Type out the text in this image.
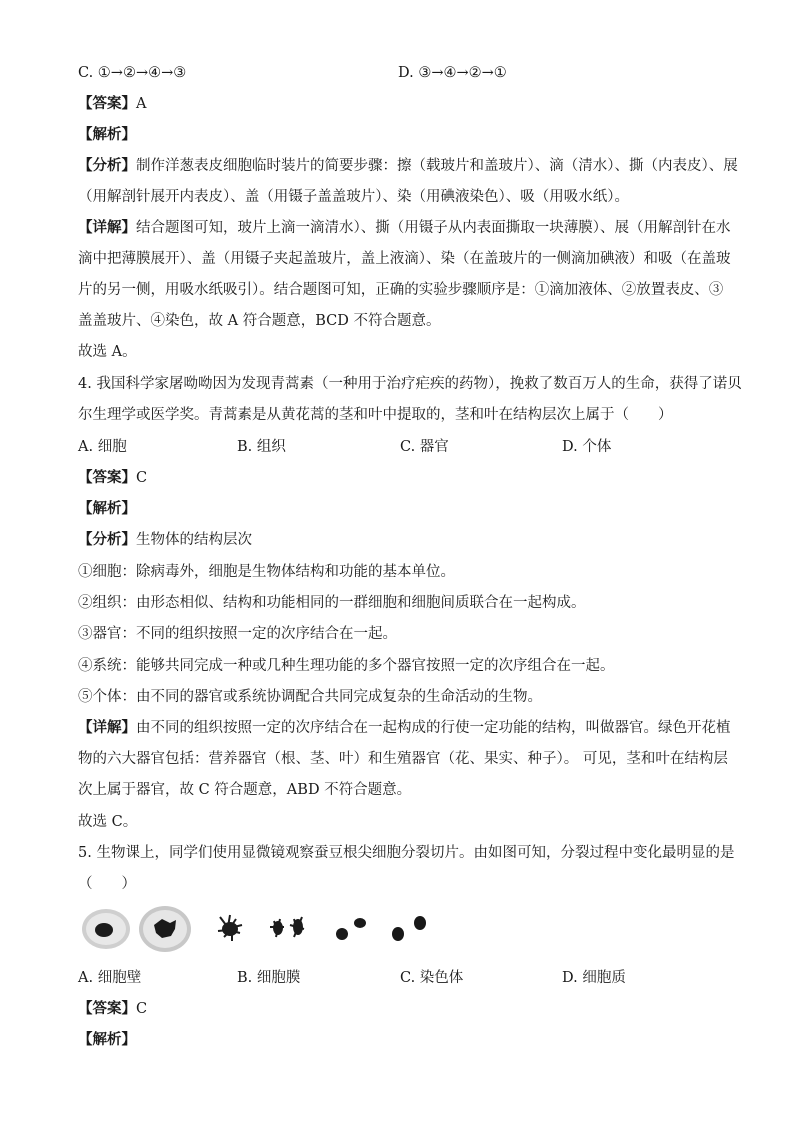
C. ①→②→④→③	D. ③→④→②→①
【答案】A
【解析】
【分析】制作洋葱表皮细胞临时装片的简要步骤：擦（载玻片和盖玻片）、滴（清水）、撕（内表皮）、展
（用解剖针展开内表皮）、盖（用镊子盖盖玻片）、染（用碘液染色）、吸（用吸水纸）。
【详解】结合题图可知，玻片上滴一滴清水）、撕（用镊子从内表面撕取一块薄膜）、展（用解剖针在水
滴中把薄膜展开）、盖（用镊子夹起盖玻片，盖上液滴）、染（在盖玻片的一侧滴加碘液）和吸（在盖玻
片的另一侧，用吸水纸吸引）。结合题图可知，正确的实验步骤顺序是：①滴加液体、②放置表皮、③
盖盖玻片、④染色，故 A 符合题意，BCD 不符合题意。
故选 A。
4. 我国科学家屠呦呦因为发现青蒿素（一种用于治疗疟疾的药物），挽救了数百万人的生命，获得了诺贝
尔生理学或医学奖。青蒿素是从黄花蒿的茎和叶中提取的，茎和叶在结构层次上属于（　　）
A. 细胞	B. 组织	C. 器官	D. 个体
【答案】C
【解析】
【分析】生物体的结构层次
①细胞：除病毒外，细胞是生物体结构和功能的基本单位。
②组织：由形态相似、结构和功能相同的一群细胞和细胞间质联合在一起构成。
③器官：不同的组织按照一定的次序结合在一起。
④系统：能够共同完成一种或几种生理功能的多个器官按照一定的次序组合在一起。
⑤个体：由不同的器官或系统协调配合共同完成复杂的生命活动的生物。
【详解】由不同的组织按照一定的次序结合在一起构成的行使一定功能的结构，叫做器官。绿色开花植
物的六大器官包括：营养器官（根、茎、叶）和生殖器官（花、果实、种子）。 可见，茎和叶在结构层
次上属于器官，故 C 符合题意，ABD 不符合题意。
故选 C。
5. 生物课上，同学们使用显微镜观察蚕豆根尖细胞分裂切片。由如图可知，分裂过程中变化最明显的是
（　　）
A. 细胞壁	B. 细胞膜	C. 染色体	D. 细胞质
【答案】C
【解析】
